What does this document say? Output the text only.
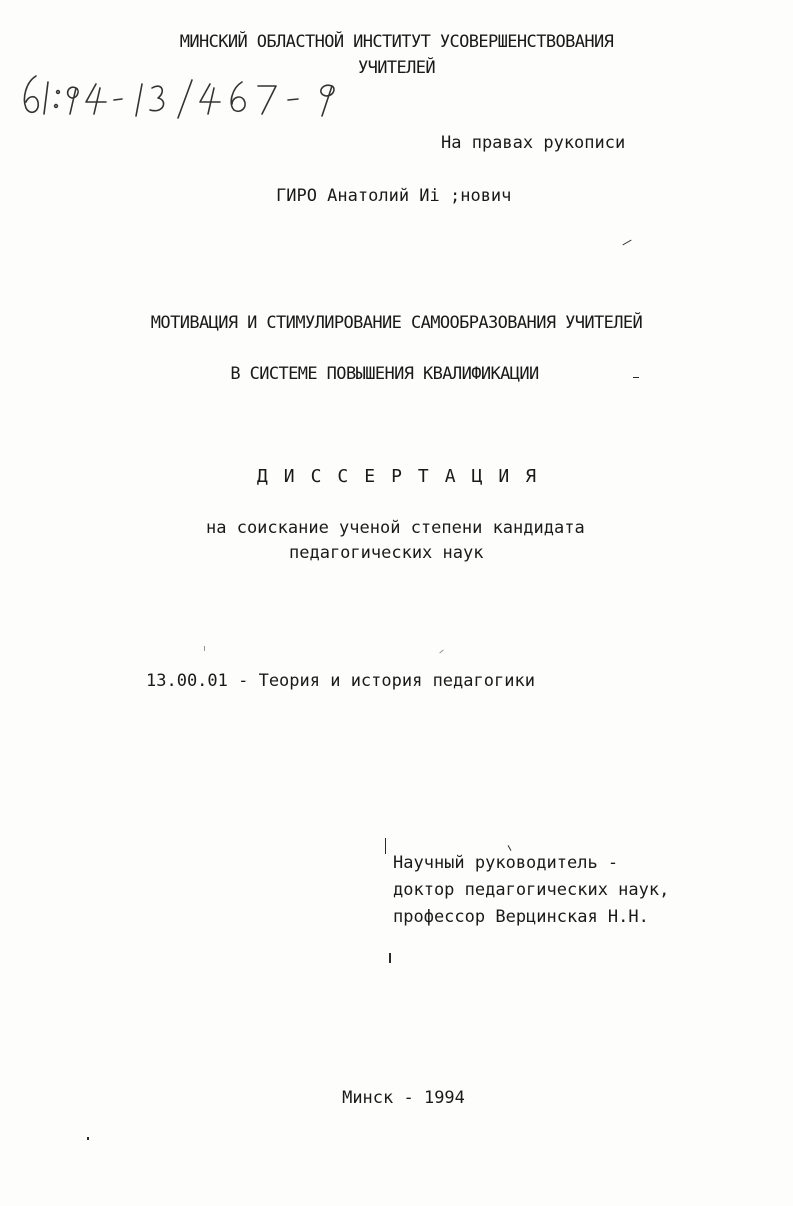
МИНСКИЙ ОБЛАСТНОЙ ИНСТИТУТ УСОВЕРШЕНСТВОВАНИЯ
УЧИТЕЛЕЙ
На правах рукописи
ГИРО Анатолий Иі ;нович
МОТИВАЦИЯ И СТИМУЛИРОВАНИЕ САМООБРАЗОВАНИЯ УЧИТЕЛЕЙ
В СИСТЕМЕ ПОВЫШЕНИЯ КВАЛИФИКАЦИИ
ДИССЕРТАЦИЯ
на соискание ученой степени кандидата
педагогических наук
13.00.01 - Теория и история педагогики
Научный руководитель -
доктор педагогических наук,
профессор Верцинская Н.Н.
Минск - 1994
